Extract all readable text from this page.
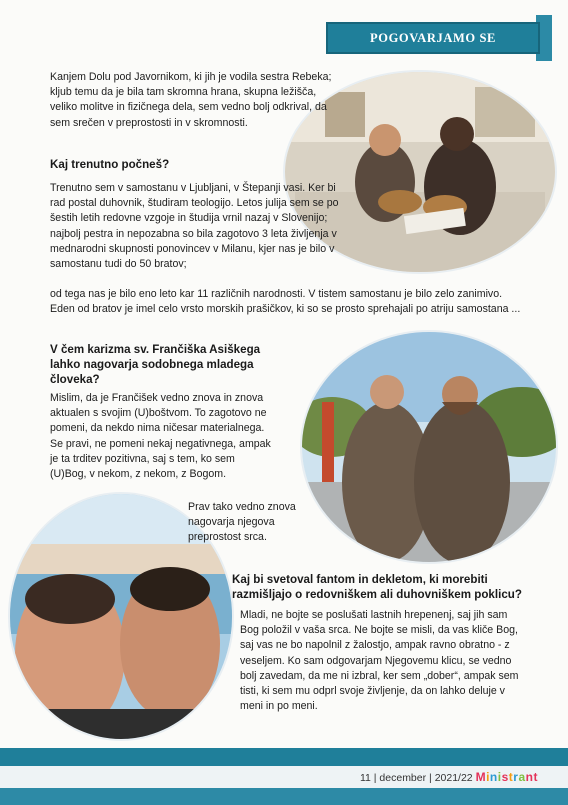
POGOVARJAMO SE

Kanjem Dolu pod Javornikom, ki jih je vodila sestra Rebeka; kljub temu da je bila tam skromna hrana, skupna ležišča, veliko molitve in fizičnega dela, sem vedno bolj odkrival, da sem srečen v preprostosti in v skromnosti.

Kaj trenutno počneš?

Trenutno sem v samostanu v Ljubljani, v Štepanji vasi. Ker bi rad postal duhovnik, študiram teologijo. Letos julija sem se po šestih letih redovne vzgoje in študija vrnil nazaj v Slovenijo; najbolj pestra in nepozabna so bila zagotovo 3 leta življenja v mednarodni skupnosti ponovincev v Milanu, kjer nas je bilo v samostanu tudi do 50 bratov;

od tega nas je bilo eno leto kar 11 različnih narodnosti. V tistem samostanu je bilo zelo zanimivo. Eden od bratov je imel celo vrsto morskih prašičkov, ki so se prosto sprehajali po atriju samostana ...

V čem karizma sv. Frančiška Asiškega lahko nagovarja sodobnega mladega človeka?

Mislim, da je Frančišek vedno znova in znova aktualen s svojim (U)boštvom. To zagotovo ne pomeni, da nekdo nima ničesar materialnega. Se pravi, ne pomeni nekaj negativnega, ampak je ta trditev pozitivna, saj s tem, ko sem (U)Bog, v nekom, z nekom, z Bogom.

Prav tako vedno znova nagovarja njegova preprostost srca.

Kaj bi svetoval fantom in dekletom, ki morebiti razmišljajo o redovniškem ali duhovniškem poklicu?

Mladi, ne bojte se poslušati lastnih hrepenenj, saj jih sam Bog položil v vaša srca. Ne bojte se misli, da vas kliče Bog, saj vas ne bo napolnil z žalostjo, ampak ravno obratno - z veseljem. Ko sam odgovarjam Njegovemu klicu, se vedno bolj zavedam, da me ni izbral, ker sem „dober“, ampak sem tisti, ki sem mu odprl svoje življenje, da on lahko deluje v meni in po meni.

11 | december | 2021/22 Ministrant
